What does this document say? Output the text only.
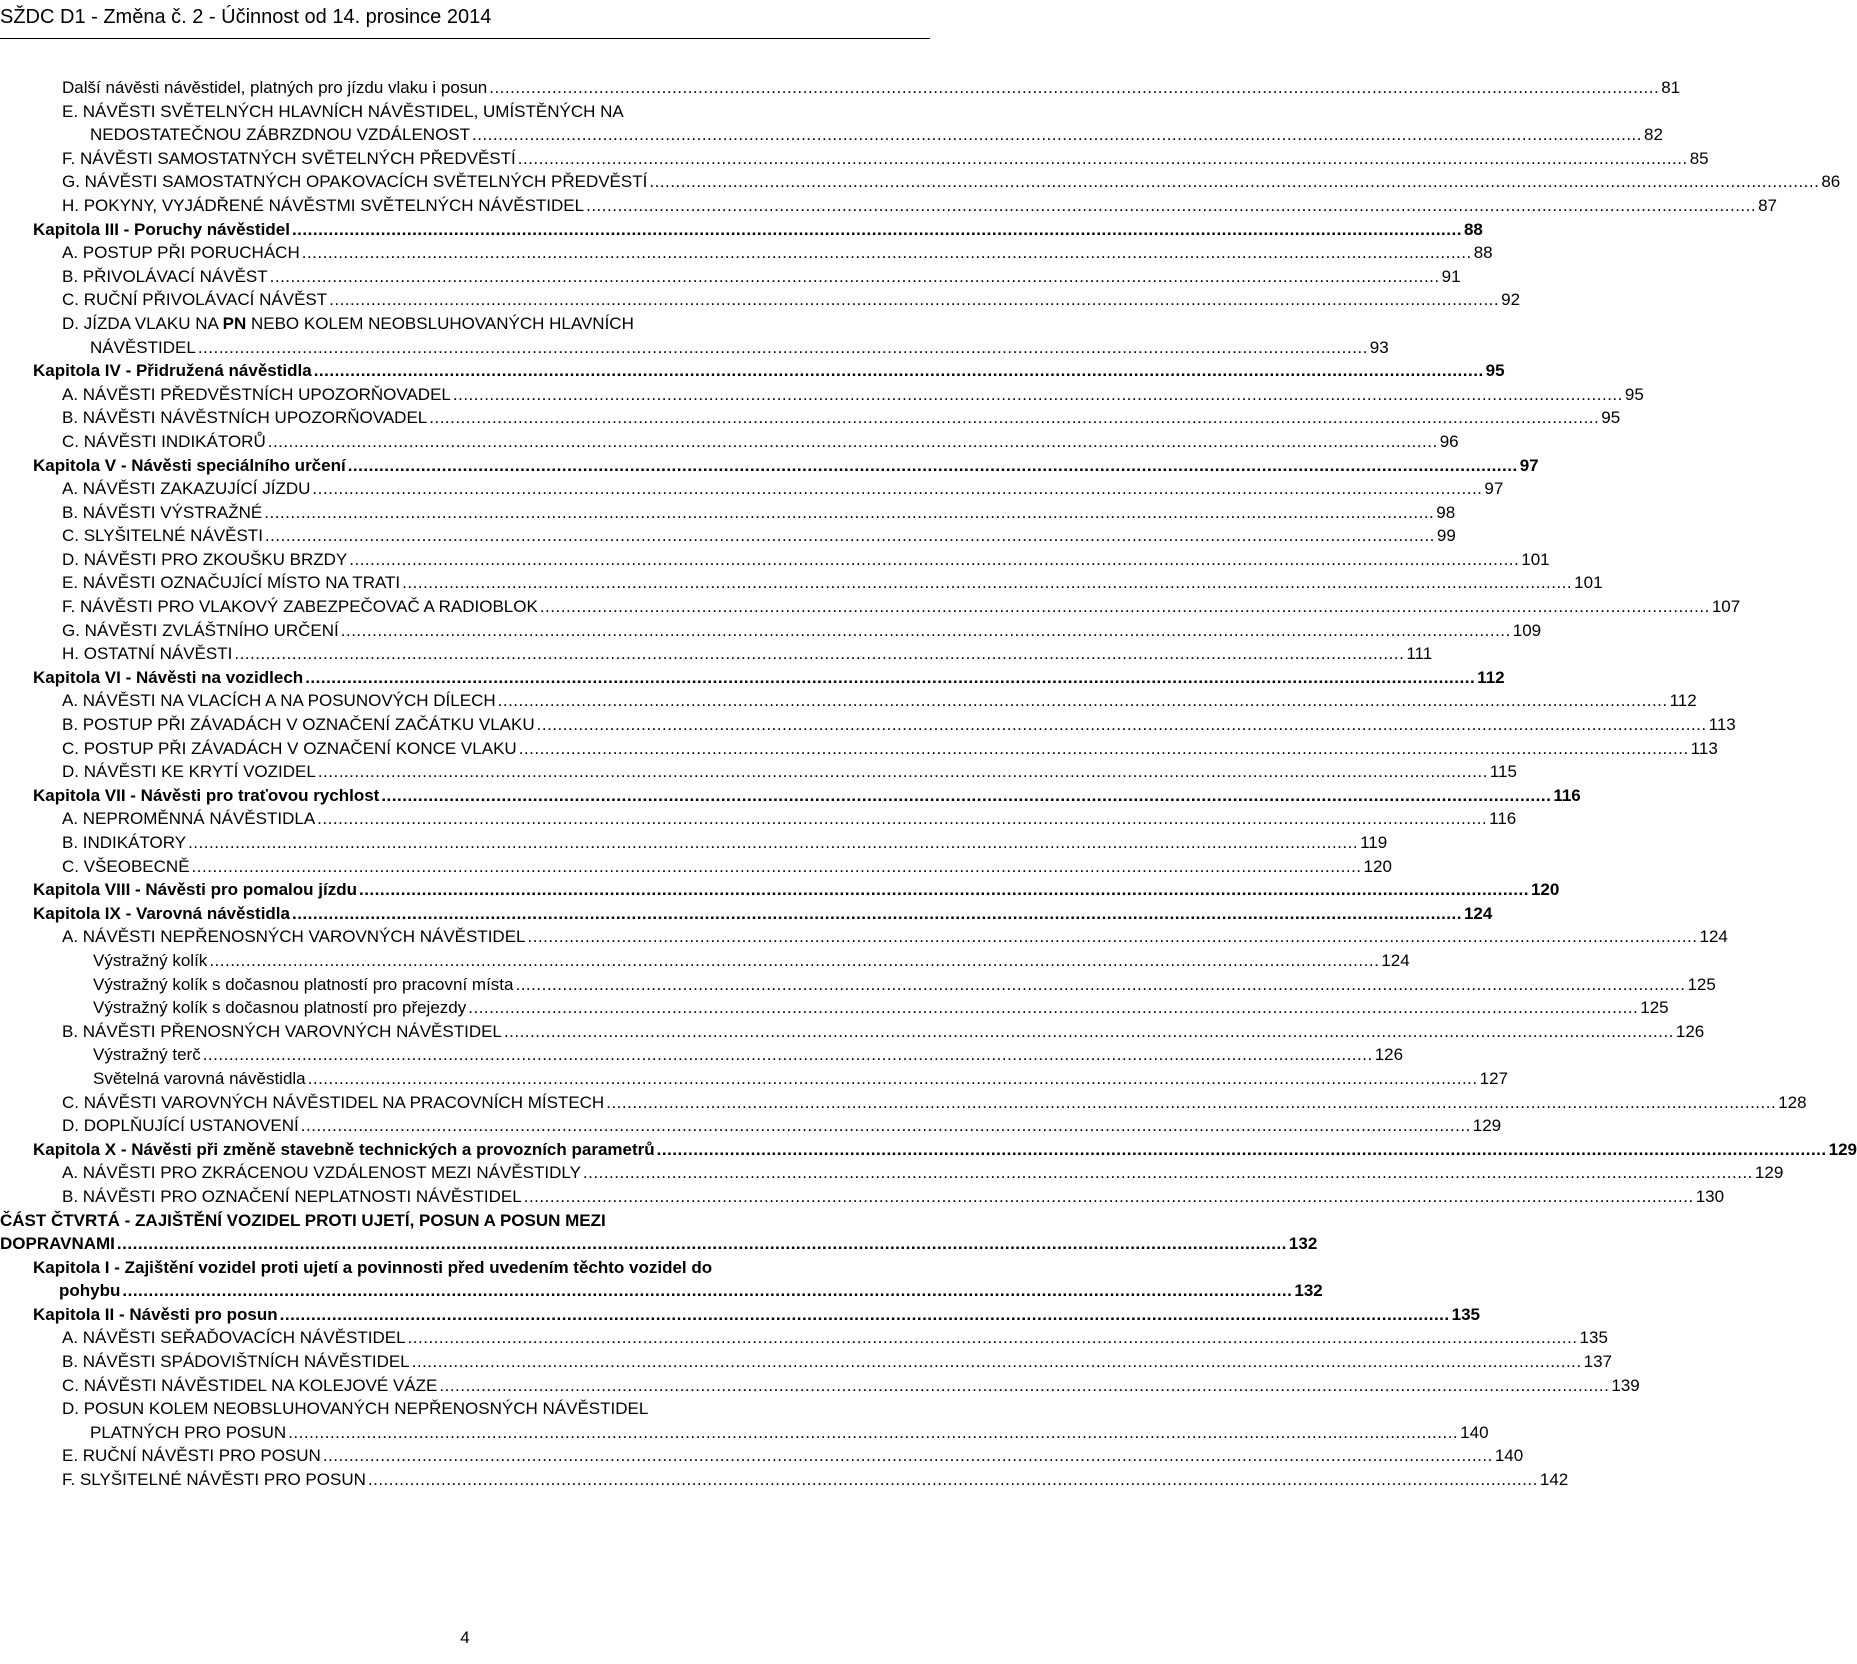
SŽDC D1 - Změna č. 2 - Účinnost od 14. prosince 2014
Další návěsti návěstidel, platných pro jízdu vlaku i posun .....	81
E. NÁVĚSTI SVĚTELNÝCH HLAVNÍCH NÁVĚSTIDEL, UMÍSTĚNÝCH NA
NEDOSTATEČNOU ZÁBRZDNOU VZDÁLENOST .....	82
F. NÁVĚSTI SAMOSTATNÝCH SVĚTELNÝCH PŘEDVĚSTÍ .....	85
G. NÁVĚSTI SAMOSTATNÝCH OPAKOVACÍCH SVĚTELNÝCH PŘEDVĚSTÍ .....	86
H. POKYNY, VYJÁDŘENÉ NÁVĚSTMI SVĚTELNÝCH NÁVĚSTIDEL .....	87
Kapitola III - Poruchy návěstidel .....	88
A. POSTUP PŘI PORUCHÁCH .....	88
B. PŘIVOLÁVACÍ NÁVĚST .....	91
C. RUČNÍ PŘIVOLÁVACÍ NÁVĚST .....	92
D. JÍZDA VLAKU NA PN NEBO KOLEM NEOBSLUHOVANÝCH HLAVNÍCH
NÁVĚSTIDEL .....	93
Kapitola IV - Přidružená návěstidla .....	95
A. NÁVĚSTI PŘEDVĚSTNÍCH UPOZORŇOVADEL .....	95
B. NÁVĚSTI NÁVĚSTNÍCH UPOZORŇOVADEL .....	95
C. NÁVĚSTI INDIKÁTORŮ .....	96
Kapitola V - Návěsti speciálního určení .....	97
A. NÁVĚSTI ZAKAZUJÍCÍ JÍZDU .....	97
B. NÁVĚSTI VÝSTRAŽNÉ .....	98
C. SLYŠITELNÉ NÁVĚSTI .....	99
D. NÁVĚSTI PRO ZKOUŠKU BRZDY .....	101
E. NÁVĚSTI OZNAČUJÍCÍ MÍSTO NA TRATI .....	101
F. NÁVĚSTI PRO VLAKOVÝ ZABEZPEČOVAČ A RADIOBLOK .....	107
G. NÁVĚSTI ZVLÁŠTNÍHO URČENÍ .....	109
H. OSTATNÍ NÁVĚSTI .....	111
Kapitola VI - Návěsti na vozidlech .....	112
A. NÁVĚSTI NA VLACÍCH A NA POSUNOVÝCH DÍLECH .....	112
B. POSTUP PŘI ZÁVADÁCH V OZNAČENÍ ZAČÁTKU VLAKU .....	113
C. POSTUP PŘI ZÁVADÁCH V OZNAČENÍ KONCE VLAKU .....	113
D. NÁVĚSTI KE KRYTÍ VOZIDEL .....	115
Kapitola VII - Návěsti pro traťovou rychlost .....	116
A. NEPROMĚNNÁ NÁVĚSTIDLA .....	116
B. INDIKÁTORY .....	119
C. VŠEOBECNĚ .....	120
Kapitola VIII - Návěsti pro pomalou jízdu .....	120
Kapitola IX - Varovná návěstidla .....	124
A. NÁVĚSTI NEPŘENOSNÝCH VAROVNÝCH NÁVĚSTIDEL .....	124
Výstražný kolík .....	124
Výstražný kolík s dočasnou platností pro pracovní místa .....	125
Výstražný kolík s dočasnou platností pro přejezdy .....	125
B. NÁVĚSTI PŘENOSNÝCH VAROVNÝCH NÁVĚSTIDEL .....	126
Výstražný terč .....	126
Světelná varovná návěstidla .....	127
C. NÁVĚSTI VAROVNÝCH NÁVĚSTIDEL NA PRACOVNÍCH MÍSTECH .....	128
D. DOPLŇUJÍCÍ USTANOVENÍ .....	129
Kapitola X - Návěsti při změně stavebně technických a provozních parametrů .....	129
A. NÁVĚSTI PRO ZKRÁCENOU VZDÁLENOST MEZI NÁVĚSTIDLY .....	129
B. NÁVĚSTI PRO OZNAČENÍ NEPLATNOSTI NÁVĚSTIDEL .....	130
ČÁST ČTVRTÁ - ZAJIŠTĚNÍ VOZIDEL PROTI UJETÍ, POSUN A POSUN MEZI
DOPRAVNAMI .....	132
Kapitola I - Zajištění vozidel proti ujetí a povinnosti před uvedením těchto vozidel do
pohybu .....	132
Kapitola II - Návěsti pro posun .....	135
A. NÁVĚSTI SEŘAĎOVACÍCH NÁVĚSTIDEL .....	135
B. NÁVĚSTI SPÁDOVIŠTNÍCH NÁVĚSTIDEL .....	137
C. NÁVĚSTI NÁVĚSTIDEL NA KOLEJOVÉ VÁZE .....	139
D. POSUN KOLEM NEOBSLUHOVANÝCH NEPŘENOSNÝCH NÁVĚSTIDEL
PLATNÝCH PRO POSUN .....	140
E. RUČNÍ NÁVĚSTI PRO POSUN .....	140
F. SLYŠITELNÉ NÁVĚSTI PRO POSUN .....	142
4
